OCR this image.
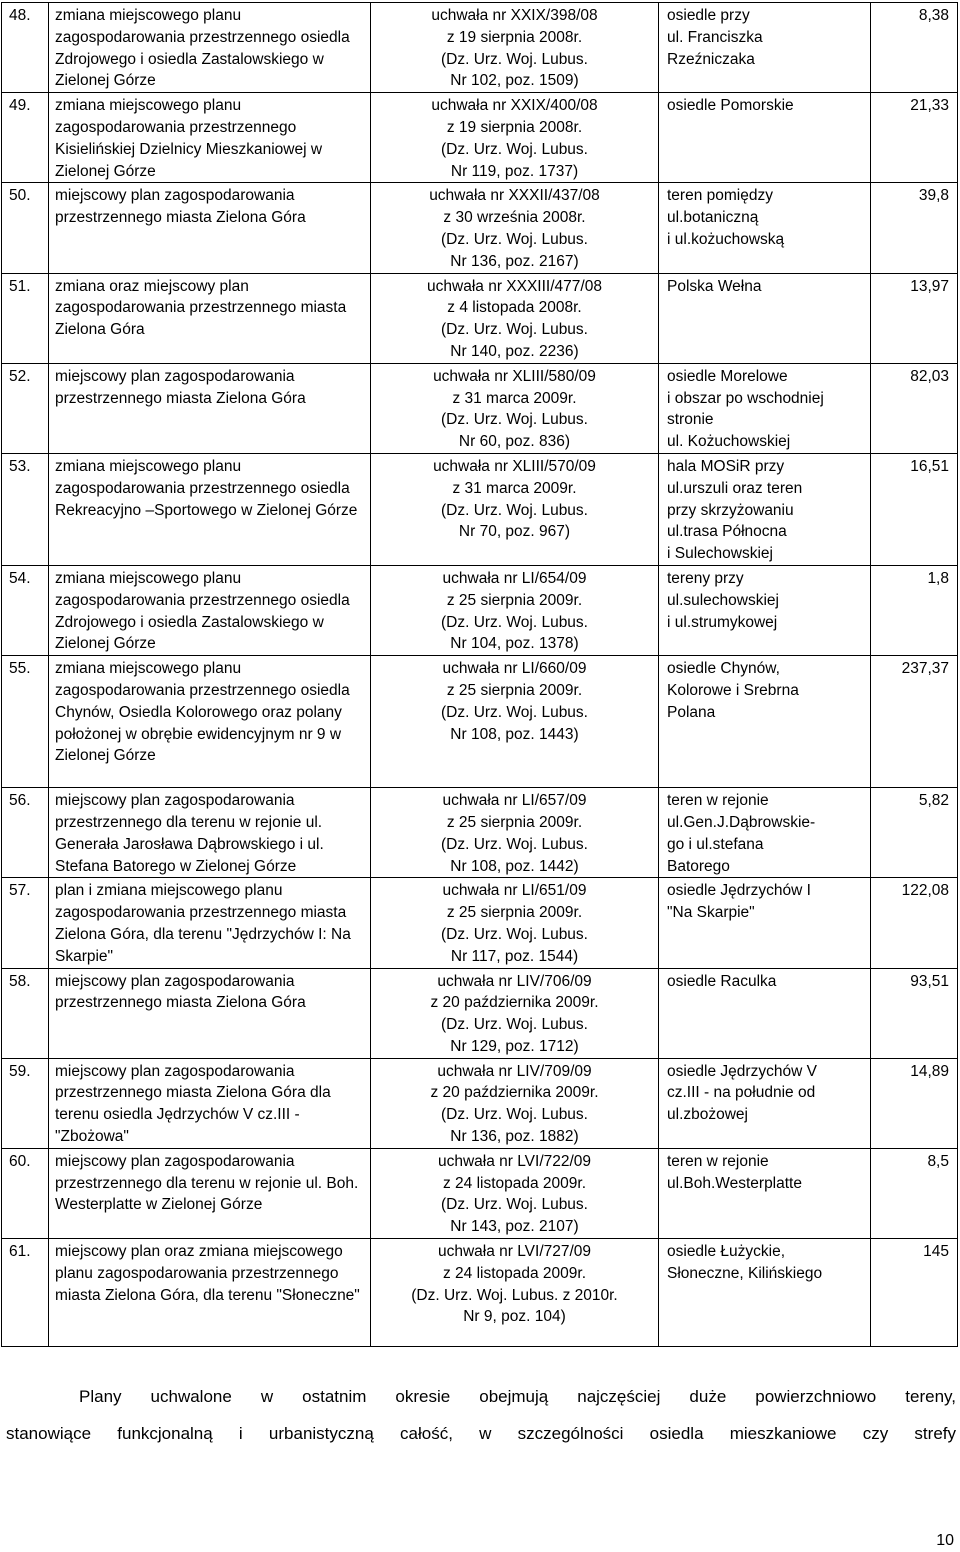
48.	zmiana miejscowego planu zagospodarowania przestrzennego osiedla Zdrojowego i osiedla Zastalowskiego w Zielonej Górze	uchwała nr XXIX/398/08
z 19 sierpnia 2008r.
(Dz. Urz. Woj. Lubus.
Nr 102, poz. 1509)	osiedle przy
ul. Franciszka
Rzeźniczaka	8,38
49.	zmiana miejscowego planu zagospodarowania przestrzennego Kisielińskiej Dzielnicy Mieszkaniowej w Zielonej Górze	uchwała nr XXIX/400/08
z 19 sierpnia 2008r.
(Dz. Urz. Woj. Lubus.
Nr 119, poz. 1737)	osiedle Pomorskie	21,33
50.	miejscowy plan zagospodarowania przestrzennego miasta Zielona Góra	uchwała nr XXXII/437/08
z 30 września 2008r.
(Dz. Urz. Woj. Lubus.
Nr 136, poz. 2167)	teren pomiędzy
ul.botaniczną
i ul.kożuchowską	39,8
51.	zmiana oraz miejscowy plan zagospodarowania przestrzennego miasta Zielona Góra	uchwała nr XXXIII/477/08
z 4 listopada 2008r.
(Dz. Urz. Woj. Lubus.
Nr 140, poz. 2236)	Polska Wełna	13,97
52.	miejscowy plan zagospodarowania przestrzennego miasta Zielona Góra	uchwała nr XLIII/580/09
z 31 marca 2009r.
(Dz. Urz. Woj. Lubus.
Nr 60, poz. 836)	osiedle Morelowe
i obszar po wschodniej
stronie
ul. Kożuchowskiej	82,03
53.	zmiana miejscowego planu zagospodarowania przestrzennego osiedla Rekreacyjno –Sportowego w Zielonej Górze	uchwała nr XLIII/570/09
z 31 marca 2009r.
(Dz. Urz. Woj. Lubus.
Nr 70, poz. 967)	hala MOSiR przy
ul.urszuli oraz teren
przy skrzyżowaniu
ul.trasa Północna
i Sulechowskiej	16,51
54.	zmiana miejscowego planu zagospodarowania przestrzennego osiedla Zdrojowego i osiedla Zastalowskiego w Zielonej Górze	uchwała nr LI/654/09
z 25 sierpnia 2009r.
(Dz. Urz. Woj. Lubus.
Nr 104, poz. 1378)	tereny przy
ul.sulechowskiej
i ul.strumykowej	1,8
55.	zmiana miejscowego planu zagospodarowania przestrzennego osiedla Chynów, Osiedla Kolorowego oraz polany położonej w obrębie ewidencyjnym nr 9 w Zielonej Górze	uchwała nr LI/660/09
z 25 sierpnia 2009r.
(Dz. Urz. Woj. Lubus.
Nr 108, poz. 1443)	osiedle Chynów,
Kolorowe i Srebrna
Polana	237,37
56.	miejscowy plan zagospodarowania przestrzennego dla terenu w rejonie ul. Generała Jarosława Dąbrowskiego i ul. Stefana Batorego w Zielonej Górze	uchwała nr LI/657/09
z 25 sierpnia 2009r.
(Dz. Urz. Woj. Lubus.
Nr 108, poz. 1442)	teren w rejonie
ul.Gen.J.Dąbrowskie-
go i ul.stefana
Batorego	5,82
57.	plan i zmiana miejscowego planu zagospodarowania przestrzennego miasta Zielona Góra, dla terenu "Jędrzychów I: Na Skarpie"	uchwała nr LI/651/09
z 25 sierpnia 2009r.
(Dz. Urz. Woj. Lubus.
Nr 117, poz. 1544)	osiedle Jędrzychów I
"Na Skarpie"	122,08
58.	miejscowy plan zagospodarowania przestrzennego miasta Zielona Góra	uchwała nr LIV/706/09
z 20 października 2009r.
(Dz. Urz. Woj. Lubus.
Nr 129, poz. 1712)	osiedle Raculka	93,51
59.	miejscowy plan zagospodarowania przestrzennego miasta Zielona Góra dla terenu osiedla Jędrzychów V cz.III - "Zbożowa"	uchwała nr LIV/709/09
z 20 października 2009r.
(Dz. Urz. Woj. Lubus.
Nr 136, poz. 1882)	osiedle Jędrzychów V
cz.III - na południe od
ul.zbożowej	14,89
60.	miejscowy plan zagospodarowania przestrzennego dla terenu w rejonie ul. Boh. Westerplatte w Zielonej Górze	uchwała nr LVI/722/09
z 24 listopada 2009r.
(Dz. Urz. Woj. Lubus.
Nr 143, poz. 2107)	teren w rejonie
ul.Boh.Westerplatte	8,5
61.	miejscowy plan oraz zmiana miejscowego planu zagospodarowania przestrzennego miasta Zielona Góra, dla terenu "Słoneczne"	uchwała nr LVI/727/09
z 24 listopada 2009r.
(Dz. Urz. Woj. Lubus. z 2010r.
Nr 9, poz. 104)	osiedle Łużyckie,
Słoneczne, Kilińskiego	145

Plany uchwalone w ostatnim okresie obejmują najczęściej duże powierzchniowo tereny,

stanowiące funkcjonalną i urbanistyczną całość, w szczególności osiedla mieszkaniowe czy strefy

10
